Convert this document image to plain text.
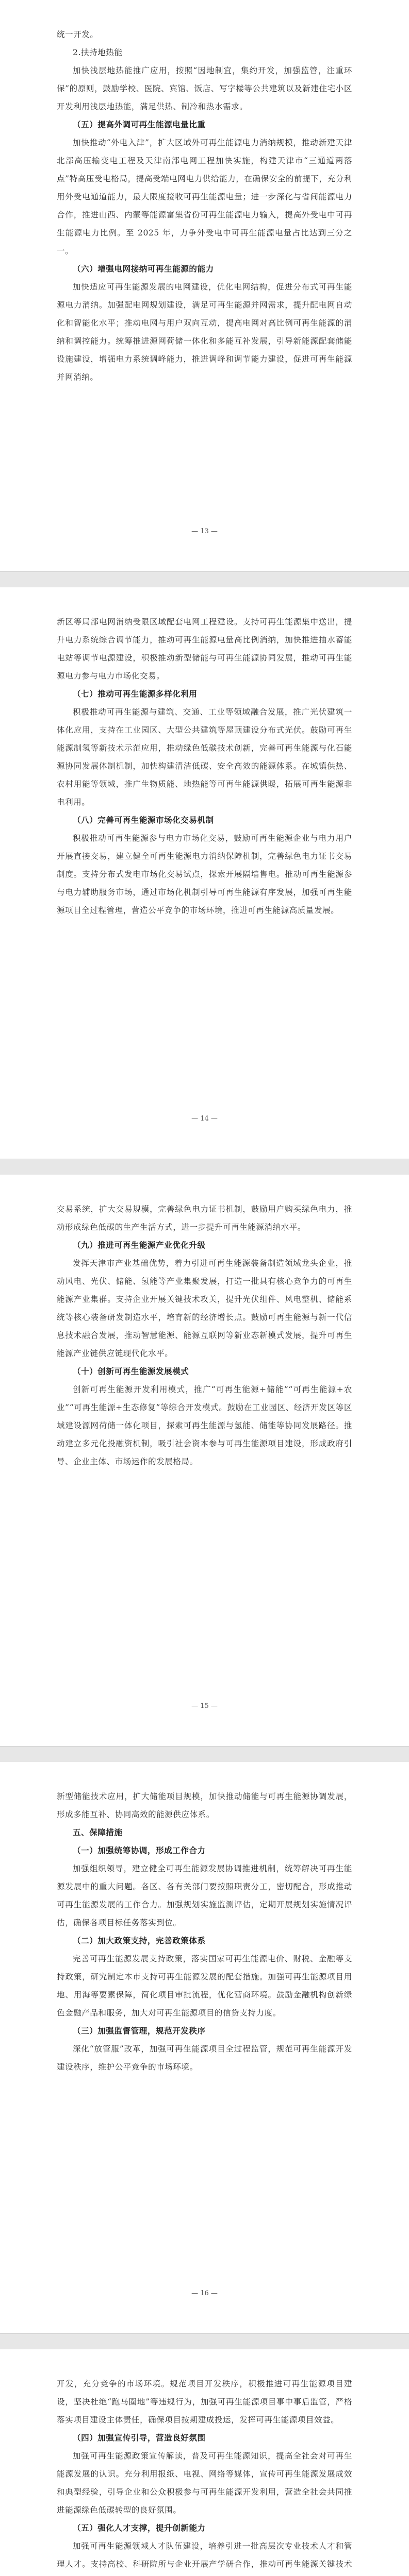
统一开发。

2.扶持地热能

加快浅层地热能推广应用，按照“因地制宜，集约开发，加强监管，注重环保”的原则，鼓励学校、医院、宾馆、饭店、写字楼等公共建筑以及新建住宅小区开发利用浅层地热能，满足供热、制冷和热水需求。

（五）提高外调可再生能源电量比重

加快推动“外电入津”，扩大区域外可再生能源电力消纳规模，推动新建天津北部高压输变电工程及天津南部电网工程加快实施，构建天津市“三通道两落点”特高压受电格局，提高受端电网电力供给能力，在确保安全的前提下，充分利用外受电通道能力，最大限度接收可再生能源电量；进一步深化与省间能源电力合作，推进山西、内蒙等能源富集省份可再生能源电力输入，提高外受电中可再生能源电力比例。至 2025 年，力争外受电中可再生能源电量占比达到三分之一。

（六）增强电网接纳可再生能源的能力

加快适应可再生能源发展的电网建设，优化电网结构，促进分布式可再生能源电力消纳。加强配电网规划建设，满足可再生能源并网需求，提升配电网自动化和智能化水平；推动电网与用户双向互动，提高电网对高比例可再生能源的消纳和调控能力。统筹推进源网荷储一体化和多能互补发展，引导新能源配套储能设施建设，增强电力系统调峰能力，推进调峰和调节能力建设，促进可再生能源并网消纳。

— 13 —

新区等局部电网消纳受限区域配套电网工程建设。支持可再生能源集中送出，提升电力系统综合调节能力，推动可再生能源电量高比例消纳，加快推进抽水蓄能电站等调节电源建设，积极推动新型储能与可再生能源协同发展，推动可再生能源电力参与电力市场化交易。

（七）推动可再生能源多样化利用

积极推动可再生能源与建筑、交通、工业等领域融合发展，推广光伏建筑一体化应用，支持在工业园区、大型公共建筑等屋顶建设分布式光伏。鼓励可再生能源制氢等新技术示范应用，推动绿色低碳技术创新，完善可再生能源与化石能源协同发展体制机制，加快构建清洁低碳、安全高效的能源体系。在城镇供热、农村用能等领域，推广生物质能、地热能等可再生能源供暖，拓展可再生能源非电利用。

（八）完善可再生能源市场化交易机制

积极推动可再生能源参与电力市场化交易，鼓励可再生能源企业与电力用户开展直接交易，建立健全可再生能源电力消纳保障机制，完善绿色电力证书交易制度。支持分布式发电市场化交易试点，探索开展隔墙售电。推动可再生能源参与电力辅助服务市场，通过市场化机制引导可再生能源有序发展，加强可再生能源项目全过程管理，营造公平竞争的市场环境，推进可再生能源高质量发展。

— 14 —

交易系统，扩大交易规模，完善绿色电力证书机制，鼓励用户购买绿色电力，推动形成绿色低碳的生产生活方式，进一步提升可再生能源消纳水平。

（九）推进可再生能源产业优化升级

发挥天津市产业基础优势，着力引进可再生能源装备制造领域龙头企业，推动风电、光伏、储能、氢能等产业集聚发展，打造一批具有核心竞争力的可再生能源产业集群。支持企业开展关键技术攻关，提升光伏组件、风电整机、储能系统等核心装备研发制造水平，培育新的经济增长点。鼓励可再生能源与新一代信息技术融合发展，推动智慧能源、能源互联网等新业态新模式发展，提升可再生能源产业链供应链现代化水平。

（十）创新可再生能源发展模式

创新可再生能源开发利用模式，推广“可再生能源+储能”“可再生能源+农业”“可再生能源+生态修复”等综合开发模式。鼓励在工业园区、经济开发区等区域建设源网荷储一体化项目，探索可再生能源与氢能、储能等协同发展路径。推动建立多元化投融资机制，吸引社会资本参与可再生能源项目建设，形成政府引导、企业主体、市场运作的发展格局。

— 15 —

新型储能技术应用，扩大储能项目规模，加快推动储能与可再生能源协调发展，形成多能互补、协同高效的能源供应体系。

五、保障措施

（一）加强统筹协调，形成工作合力

加强组织领导，建立健全可再生能源发展协调推进机制，统筹解决可再生能源发展中的重大问题。各区、各有关部门要按照职责分工，密切配合，形成推动可再生能源发展的工作合力。加强规划实施监测评估，定期开展规划实施情况评估，确保各项目标任务落实到位。

（二）加大政策支持，完善政策体系

完善可再生能源发展支持政策，落实国家可再生能源电价、财税、金融等支持政策，研究制定本市支持可再生能源发展的配套措施。加强可再生能源项目用地、用海等要素保障，简化项目审批流程，优化营商环境。鼓励金融机构创新绿色金融产品和服务，加大对可再生能源项目的信贷支持力度。

（三）加强监督管理，规范开发秩序

深化“放管服”改革，加强可再生能源项目全过程监管，规范可再生能源开发建设秩序，维护公平竞争的市场环境。

— 16 —

开发，充分竞争的市场环境。规范项目开发秩序，积极推进可再生能源项目建设，坚决杜绝“跑马圈地”等违规行为，加强可再生能源项目事中事后监管，严格落实项目建设主体责任，确保项目按期建成投运，发挥可再生能源项目效益。

（四）加强宣传引导，营造良好氛围

加强可再生能源政策宣传解读，普及可再生能源知识，提高全社会对可再生能源发展的认识。充分利用报纸、电视、网络等媒体，宣传可再生能源发展成效和典型经验，引导企业和公众积极参与可再生能源开发利用，营造全社会共同推进能源绿色低碳转型的良好氛围。

（五）强化人才支撑，提升创新能力

加强可再生能源领域人才队伍建设，培养引进一批高层次专业技术人才和管理人才。支持高校、科研院所与企业开展产学研合作，推动可再生能源关键技术
